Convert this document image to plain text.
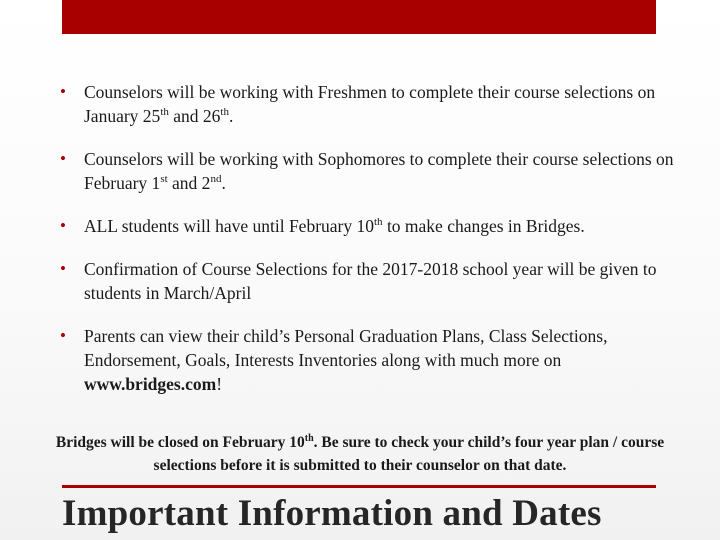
• Counselors will be working with Freshmen to complete their course selections on January 25th and 26th.
• Counselors will be working with Sophomores to complete their course selections on February 1st and 2nd.
• ALL students will have until February 10th to make changes in Bridges.
• Confirmation of Course Selections for the 2017-2018 school year will be given to students in March/April
• Parents can view their child’s Personal Graduation Plans, Class Selections, Endorsement, Goals, Interests Inventories along with much more on www.bridges.com!
Bridges will be closed on February 10th. Be sure to check your child’s four year plan / course selections before it is submitted to their counselor on that date.
Important Information and Dates
